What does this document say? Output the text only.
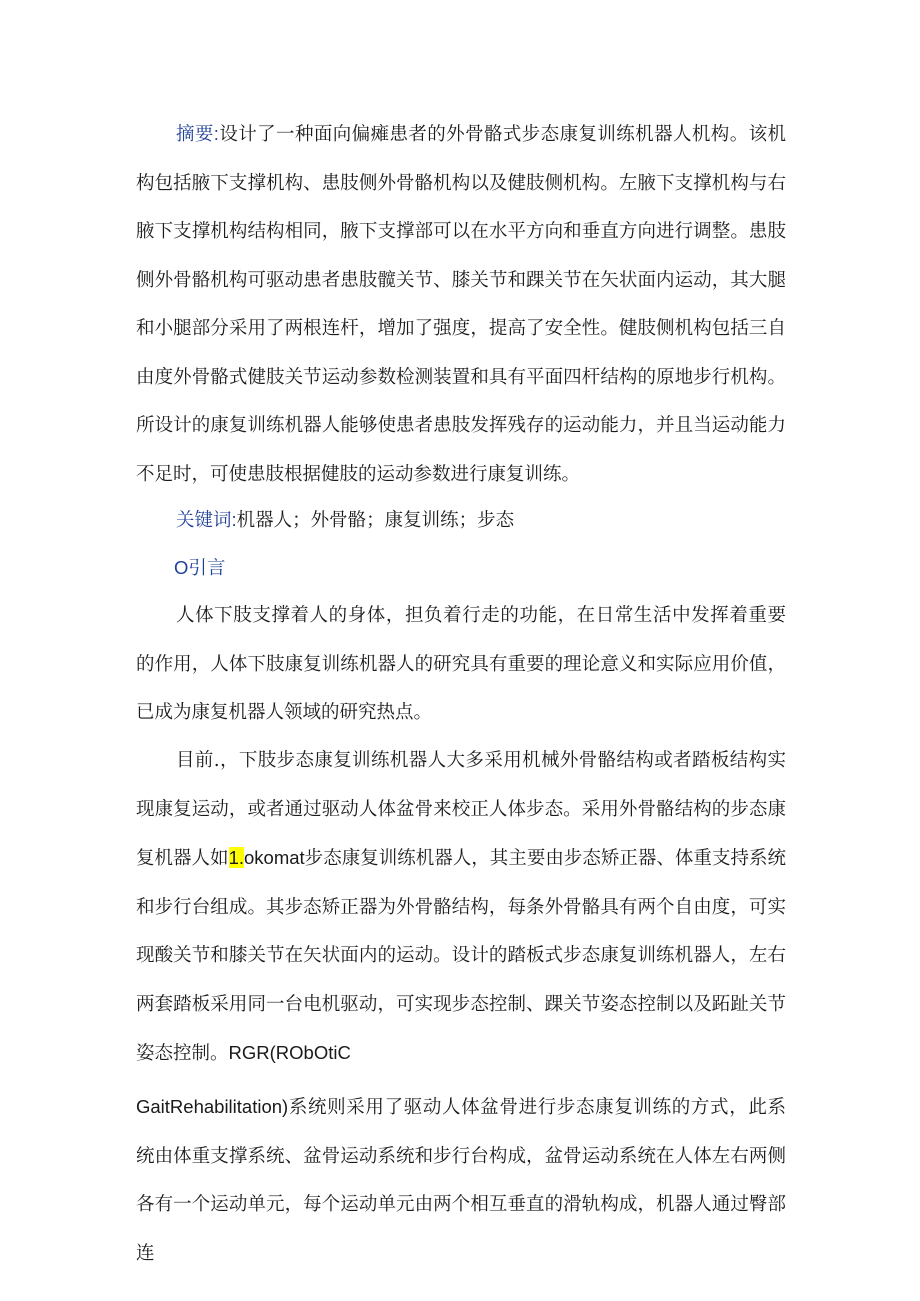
摘要:设计了一种面向偏瘫患者的外骨骼式步态康复训练机器人机构。该机构包括腋下支撑机构、患肢侧外骨骼机构以及健肢侧机构。左腋下支撑机构与右腋下支撑机构结构相同，腋下支撑部可以在水平方向和垂直方向进行调整。患肢侧外骨骼机构可驱动患者患肢髋关节、膝关节和踝关节在矢状面内运动，其大腿和小腿部分采用了两根连杆，增加了强度，提高了安全性。健肢侧机构包括三自由度外骨骼式健肢关节运动参数检测装置和具有平面四杆结构的原地步行机构。所设计的康复训练机器人能够使患者患肢发挥残存的运动能力，并且当运动能力不足时，可使患肢根据健肢的运动参数进行康复训练。

关键词:机器人；外骨骼；康复训练；步态

O引言

人体下肢支撑着人的身体，担负着行走的功能，在日常生活中发挥着重要的作用，人体下肢康复训练机器人的研究具有重要的理论意义和实际应用价值，已成为康复机器人领域的研究热点。

目前.，下肢步态康复训练机器人大多采用机械外骨骼结构或者踏板结构实现康复运动，或者通过驱动人体盆骨来校正人体步态。采用外骨骼结构的步态康复机器人如1.okomat步态康复训练机器人，其主要由步态矫正器、体重支持系统和步行台组成。其步态矫正器为外骨骼结构，每条外骨骼具有两个自由度，可实现酸关节和膝关节在矢状面内的运动。设计的踏板式步态康复训练机器人，左右两套踏板采用同一台电机驱动，可实现步态控制、踝关节姿态控制以及跖趾关节姿态控制。RGR(RObOtiC

GaitRehabilitation)系统则采用了驱动人体盆骨进行步态康复训练的方式，此系统由体重支撑系统、盆骨运动系统和步行台构成，盆骨运动系统在人体左右两侧各有一个运动单元，每个运动单元由两个相互垂直的滑轨构成，机器人通过臀部连
